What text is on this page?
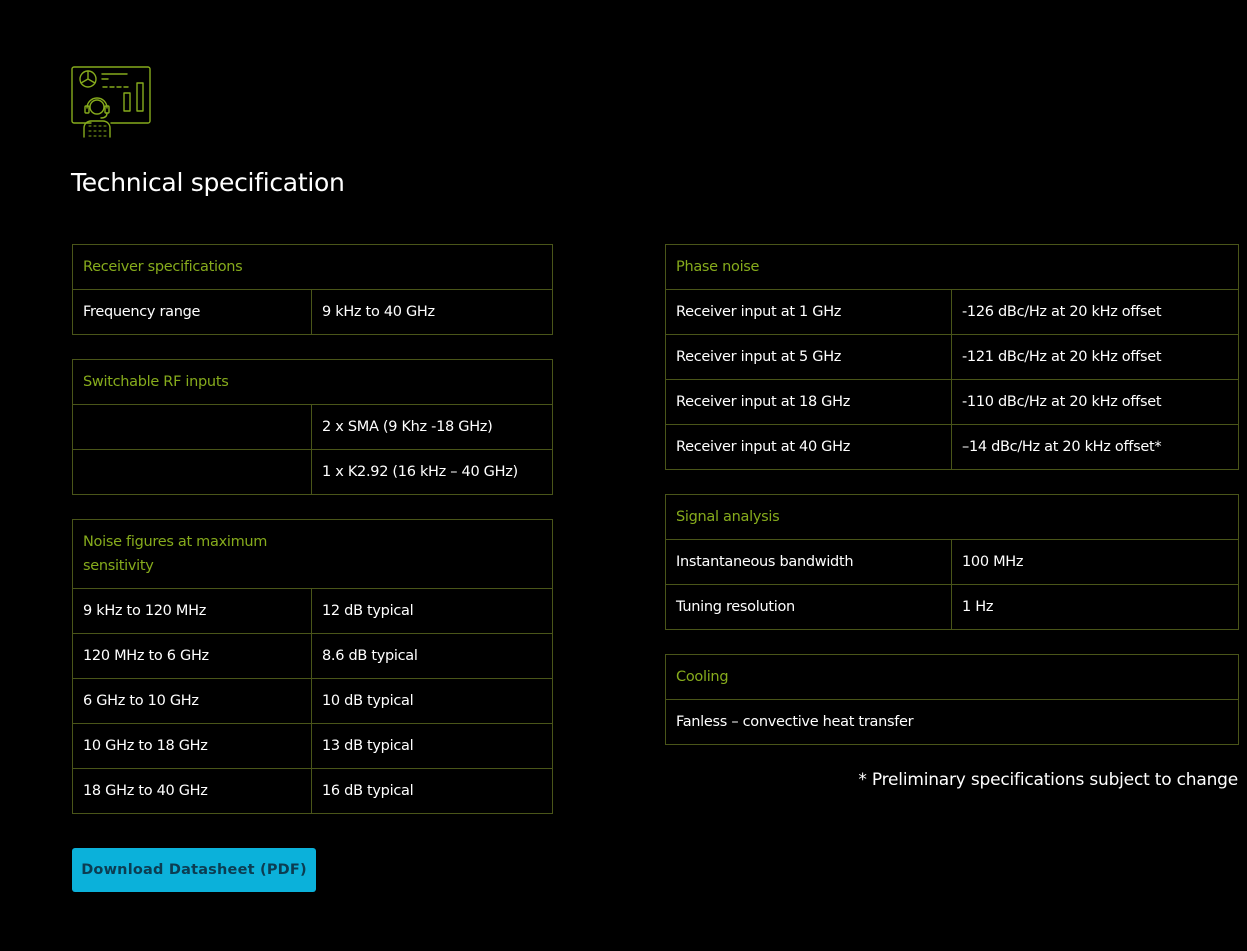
Technical specification
Receiver specifications
Frequency range	9 kHz to 40 GHz
Switchable RF inputs	
	2 x SMA (9 Khz -18 GHz)
	1 x K2.92 (16 kHz – 40 GHz)
Noise figures at maximum sensitivity	

9 kHz to 120 MHz	12 dB typical
120 MHz to 6 GHz	8.6 dB typical
6 GHz to 10 GHz	10 dB typical
10 GHz to 18 GHz	13 dB typical
18 GHz to 40 GHz	16 dB typical
Phase noise	
Receiver input at 1 GHz	-126 dBc/Hz at 20 kHz offset
Receiver input at 5 GHz	-121 dBc/Hz at 20 kHz offset
Receiver input at 18 GHz	-110 dBc/Hz at 20 kHz offset
Receiver input at 40 GHz	–14 dBc/Hz at 20 kHz offset*
Signal analysis	
Instantaneous bandwidth	100 MHz
Tuning resolution	1 Hz
Cooling
Fanless – convective heat transfer
* Preliminary specifications subject to change
Download Datasheet (PDF)
